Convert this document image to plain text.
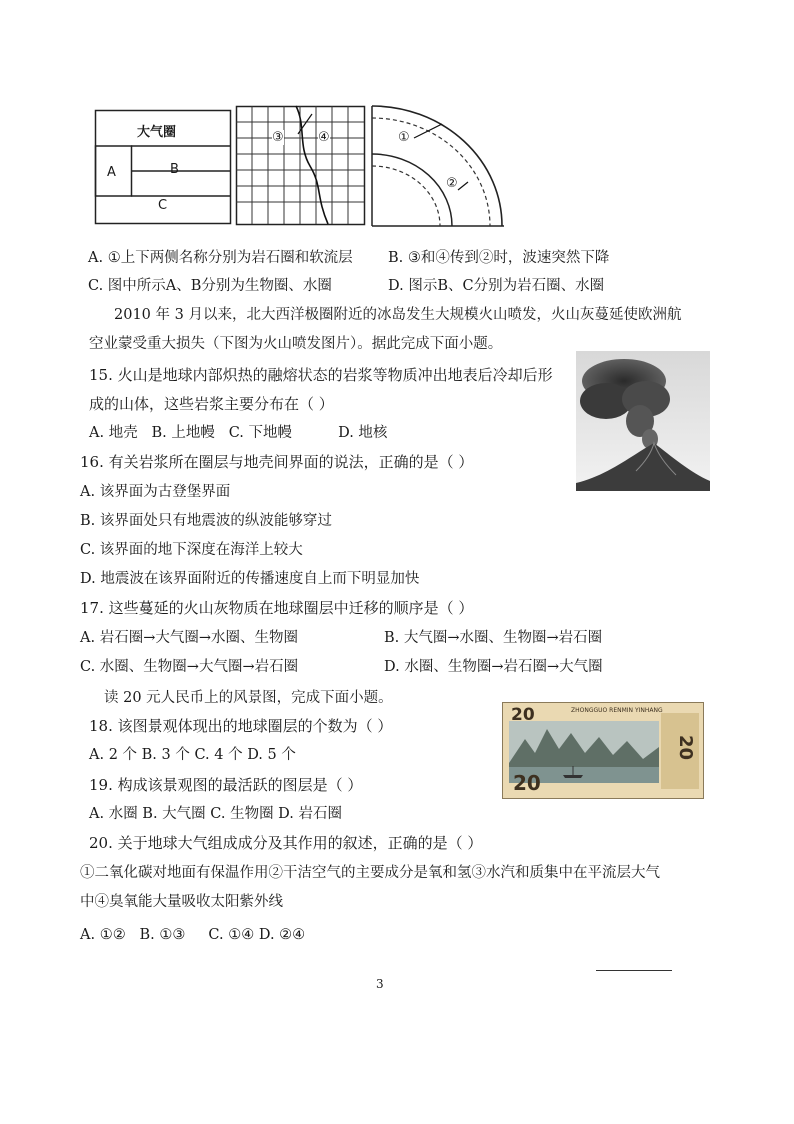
大气圈
A	B
C
③	④	①
②
A. ①上下两侧名称分别为岩石圈和软流层 B. ③和④传到②时，波速突然下降
C. 图中所示A、B分别为生物圈、水圈	D. 图示B、C分别为岩石圈、水圈
2010 年 3 月以来，北大西洋极圈附近的冰岛发生大规模火山喷发，火山灰蔓延使欧洲航
空业蒙受重大损失（下图为火山喷发图片）。据此完成下面小题。
15. 火山是地球内部炽热的融熔状态的岩浆等物质冲出地表后冷却后形
成的山体，这些岩浆主要分布在（ ）
A. 地壳   B. 上地幔   C. 下地幔          D. 地核
16. 有关岩浆所在圈层与地壳间界面的说法，正确的是（ ）
A. 该界面为古登堡界面
B. 该界面处只有地震波的纵波能够穿过
C. 该界面的地下深度在海洋上较大
D. 地震波在该界面附近的传播速度自上而下明显加快
17. 这些蔓延的火山灰物质在地球圈层中迁移的顺序是（ ）
A. 岩石圈→大气圈→水圈、生物圈	B. 大气圈→水圈、生物圈→岩石圈
C. 水圈、生物圈→大气圈→岩石圈	D. 水圈、生物圈→岩石圈→大气圈
读 20 元人民币上的风景图，完成下面小题。
20
20
ZHONGGUO RENMIN YINHANG
20
18. 该图景观体现出的地球圈层的个数为（ ）
A. 2 个 B. 3 个 C. 4 个 D. 5 个
19. 构成该景观图的最活跃的图层是（ ）
A. 水圈 B. 大气圈 C. 生物圈 D. 岩石圈
20. 关于地球大气组成成分及其作用的叙述，正确的是（ ）
①二氧化碳对地面有保温作用②干洁空气的主要成分是氧和氢③水汽和质集中在平流层大气
中④臭氧能大量吸收太阳紫外线
A. ①②   B. ①③     C. ①④ D. ②④
3
